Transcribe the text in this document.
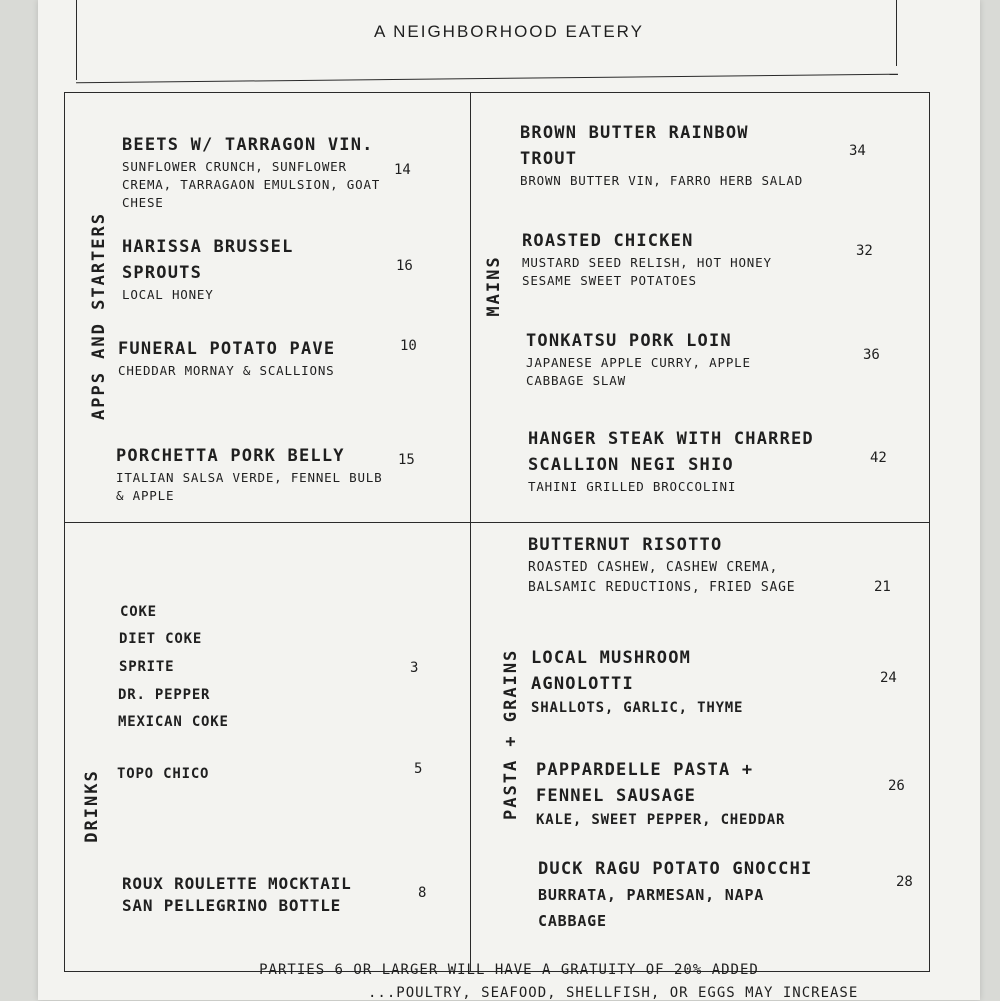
A NEIGHBORHOOD EATERY
APPS AND STARTERS	MAINS
DRINKS	PASTA + GRAINS
BEETS W/ TARRAGON VIN.
SUNFLOWER CRUNCH, SUNFLOWER CREMA, TARRAGAON EMULSION, GOAT CHESE
14
HARISSA BRUSSEL SPROUTS
LOCAL HONEY
16
FUNERAL POTATO PAVE
CHEDDAR MORNAY & SCALLIONS
10
PORCHETTA PORK BELLY
ITALIAN SALSA VERDE, FENNEL BULB & APPLE
15
BROWN BUTTER RAINBOW TROUT
BROWN BUTTER VIN, FARRO HERB SALAD
34
ROASTED CHICKEN
MUSTARD SEED RELISH, HOT HONEY SESAME SWEET POTATOES
32
TONKATSU PORK LOIN
JAPANESE APPLE CURRY, APPLE CABBAGE SLAW
36
HANGER STEAK WITH CHARRED SCALLION NEGI SHIO
TAHINI GRILLED BROCCOLINI
42
COKE
DIET COKE
SPRITE
DR. PEPPER
MEXICAN COKE
3
TOPO CHICO	5
ROUX ROULETTE MOCKTAIL
SAN PELLEGRINO BOTTLE
8
BUTTERNUT RISOTTO
ROASTED CASHEW, CASHEW CREMA, BALSAMIC REDUCTIONS, FRIED SAGE	21
LOCAL MUSHROOM AGNOLOTTI
SHALLOTS, GARLIC, THYME
24
PAPPARDELLE PASTA + FENNEL SAUSAGE
KALE, SWEET PEPPER, CHEDDAR
26
DUCK RAGU POTATO GNOCCHI
BURRATA, PARMESAN, NAPA CABBAGE
28
PARTIES 6 OR LARGER WILL HAVE A GRATUITY OF 20% ADDED
...POULTRY, SEAFOOD, SHELLFISH, OR EGGS MAY INCREASE
